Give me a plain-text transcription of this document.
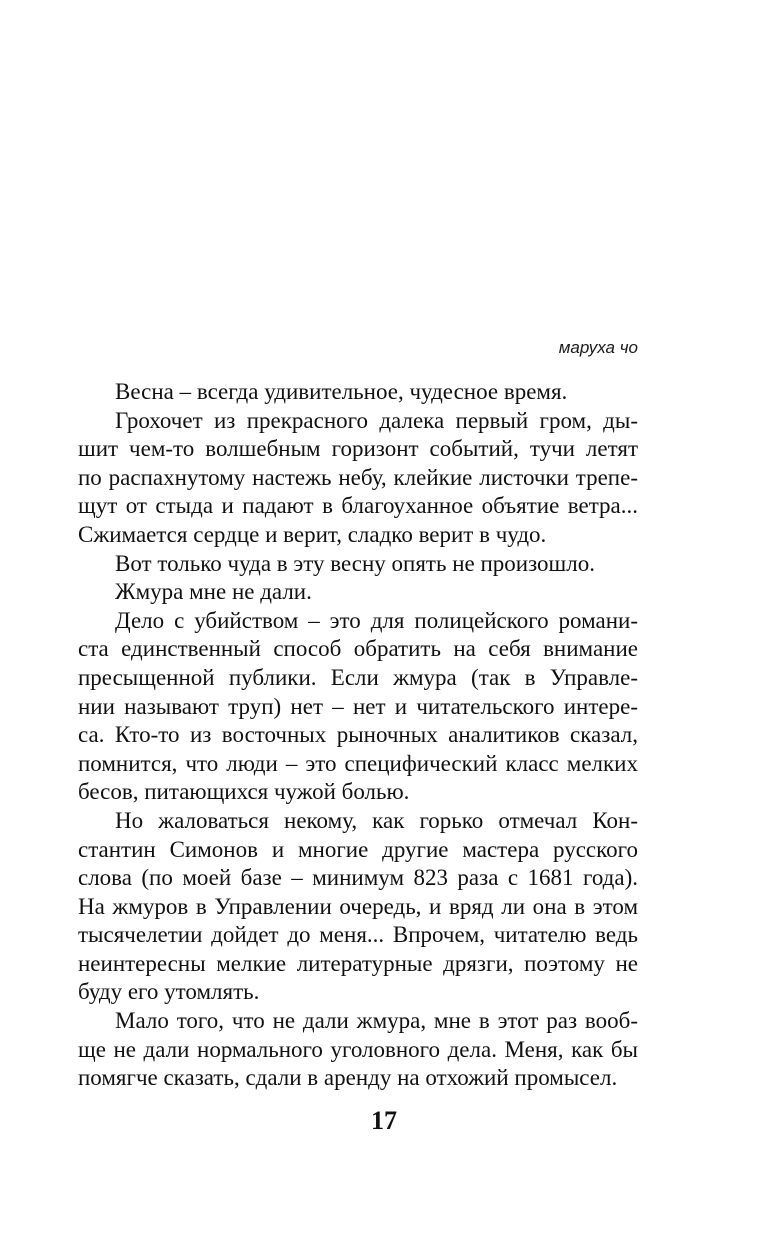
маруха чо

Весна – всегда удивительное, чудесное время.

Грохочет из прекрасного далека первый гром, ды-
шит чем-то волшебным горизонт событий, тучи летят
по распахнутому настежь небу, клейкие листочки трепе-
щут от стыда и падают в благоуханное объятие ветра...
Сжимается сердце и верит, сладко верит в чудо.

Вот только чуда в эту весну опять не произошло.

Жмура мне не дали.

Дело с убийством – это для полицейского романи-
ста единственный способ обратить на себя внимание
пресыщенной публики. Если жмура (так в Управле-
нии называют труп) нет – нет и читательского интере-
са. Кто-то из восточных рыночных аналитиков сказал,
помнится, что люди – это специфический класс мелких
бесов, питающихся чужой болью.

Но жаловаться некому, как горько отмечал Кон-
стантин Симонов и многие другие мастера русского
слова (по моей базе – минимум 823 раза с 1681 года).
На жмуров в Управлении очередь, и вряд ли она в этом
тысячелетии дойдет до меня... Впрочем, читателю ведь
неинтересны мелкие литературные дрязги, поэтому не
буду его утомлять.

Мало того, что не дали жмура, мне в этот раз вооб-
ще не дали нормального уголовного дела. Меня, как бы
помягче сказать, сдали в аренду на отхожий промысел.

17
